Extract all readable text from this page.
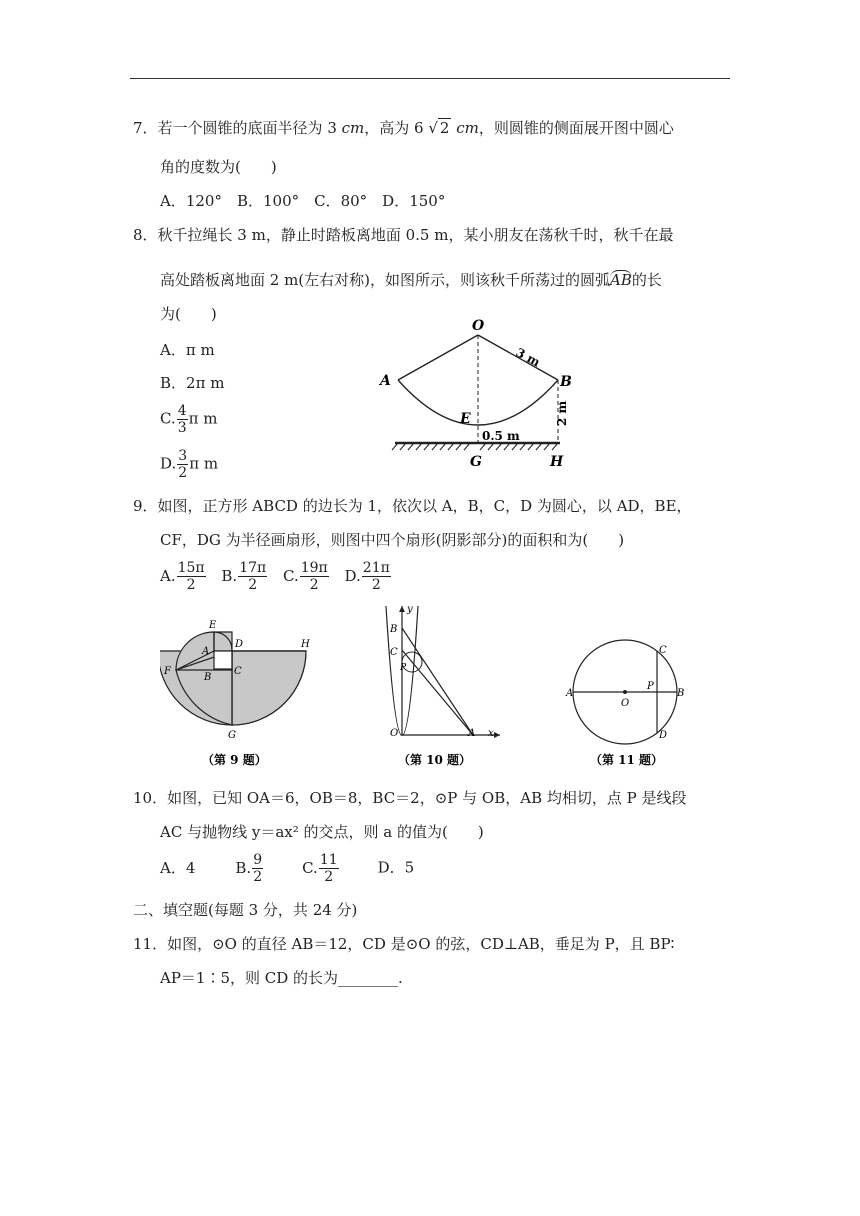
7．若一个圆锥的底面半径为 3 cm，高为 6 √ 2 cm，则圆锥的侧面展开图中圆心
角的度数为(　　)
A．120°　B．100°　C．80°　D．150°
8．秋千拉绳长 3 m，静止时踏板离地面 0.5 m，某小朋友在荡秋千时，秋千在最
高处踏板离地面 2 m(左右对称)，如图所示，则该秋千所荡过的圆弧AB的长
为(　　)
A．π m
B．2π m
C. $\frac{4}{3}$ π m
D. $\frac{3}{2}$ π m
O
A	B
E
G	H
3 m
2 m
0.5 m
9．如图，正方形 ABCD 的边长为 1，依次以 A，B，C，D 为圆心，以 AD，BE，
CF，DG 为半径画扇形，则图中四个扇形(阴影部分)的面积和为(　　)
A. $\frac{15\pi}{2} B$. $\frac{17\pi}{2} C$. $\frac{19\pi}{2} D$. $\frac{21\pi}{2}$
E
A
D	H
F
B
C
G
（第 9 题）
y
B
C
P
O	A x
（第 10 题）
A	B
C
D
O
P
（第 11 题）
10．如图，已知 OA＝6，OB＝8，BC＝2，⊙P 与 OB，AB 均相切，点 P 是线段
AC 与抛物线 y＝ax² 的交点，则 a 的值为(　　)
A．4	B. $\frac{9}{2}$	C. $\frac{11}{2}$	D．5
二、填空题(每题 3 分，共 24 分)
11．如图，⊙O 的直径 AB＝12，CD 是⊙O 的弦，CD⊥AB，垂足为 P，且 BP∶
AP＝1∶5，则 CD 的长为________.
